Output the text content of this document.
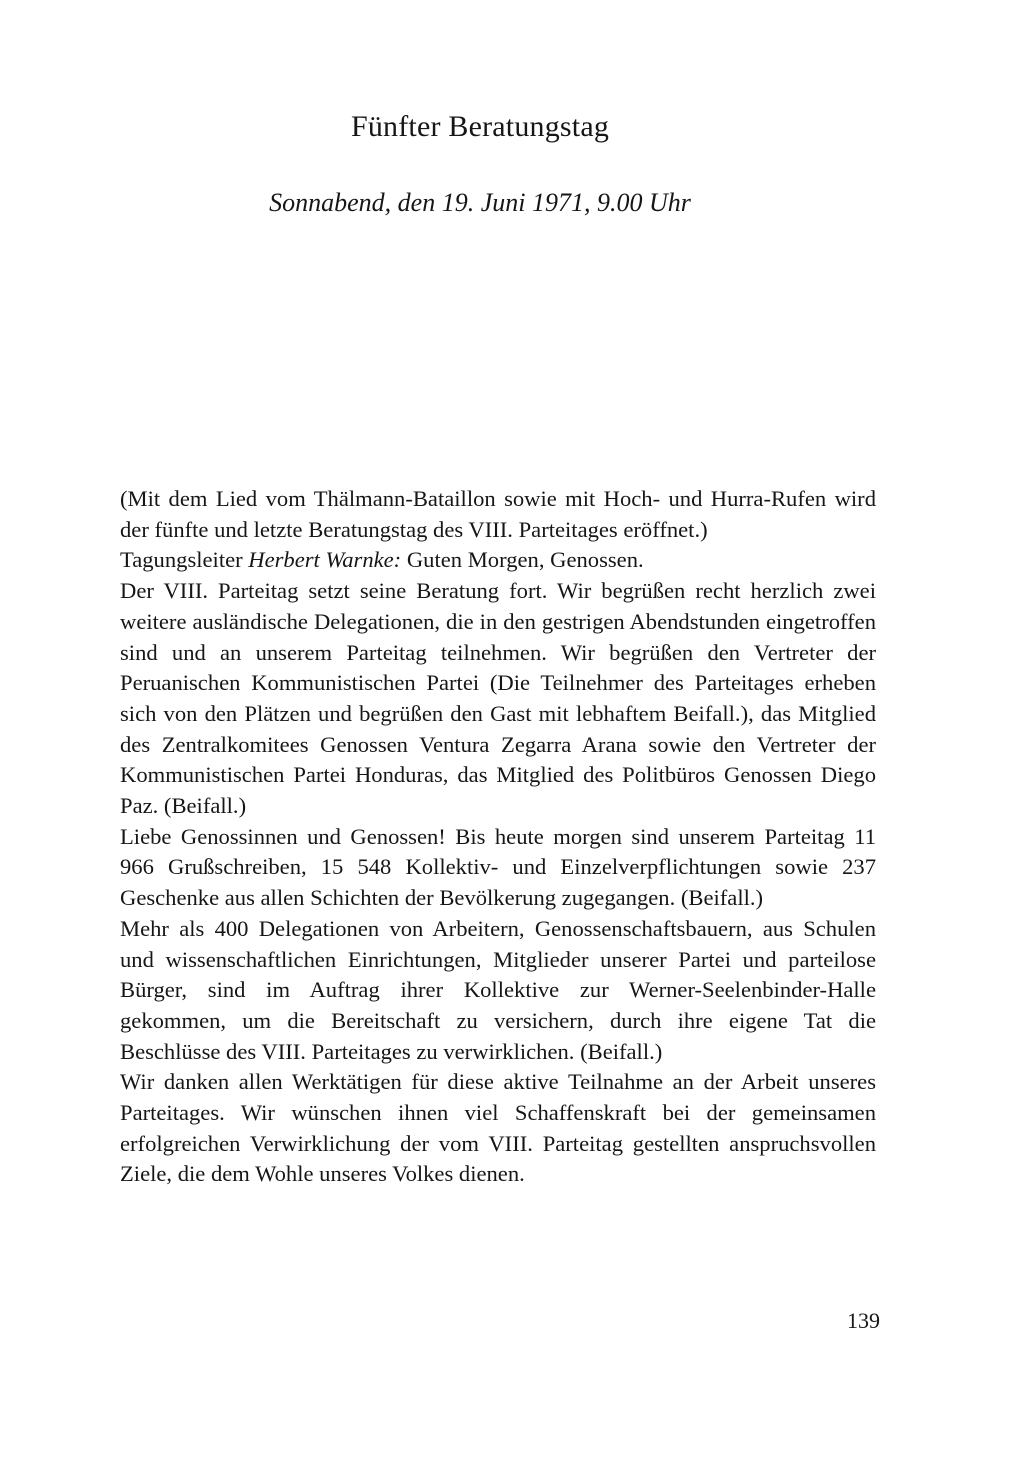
Fünfter Beratungstag

Sonnabend, den 19. Juni 1971, 9.00 Uhr

(Mit dem Lied vom Thälmann-Bataillon sowie mit Hoch- und Hurra-Rufen wird der fünfte und letzte Beratungstag des VIII. Parteitages eröffnet.)

Tagungsleiter Herbert Warnke: Guten Morgen, Genossen.

Der VIII. Parteitag setzt seine Beratung fort. Wir begrüßen recht herzlich zwei weitere ausländische Delegationen, die in den gestrigen Abendstunden eingetroffen sind und an unserem Parteitag teilnehmen. Wir begrüßen den Vertreter der Peruanischen Kommunistischen Partei (Die Teilnehmer des Parteitages erheben sich von den Plätzen und begrüßen den Gast mit lebhaftem Beifall.), das Mitglied des Zentralkomitees Genossen Ventura Zegarra Arana sowie den Vertreter der Kommunistischen Partei Honduras, das Mitglied des Politbüros Genossen Diego Paz. (Beifall.)

Liebe Genossinnen und Genossen! Bis heute morgen sind unserem Parteitag 11 966 Grußschreiben, 15 548 Kollektiv- und Einzelverpflichtungen sowie 237 Geschenke aus allen Schichten der Bevölkerung zugegangen. (Beifall.)

Mehr als 400 Delegationen von Arbeitern, Genossenschaftsbauern, aus Schulen und wissenschaftlichen Einrichtungen, Mitglieder unserer Partei und parteilose Bürger, sind im Auftrag ihrer Kollektive zur Werner-Seelenbinder-Halle gekommen, um die Bereitschaft zu versichern, durch ihre eigene Tat die Beschlüsse des VIII. Parteitages zu verwirklichen. (Beifall.)

Wir danken allen Werktätigen für diese aktive Teilnahme an der Arbeit unseres Parteitages. Wir wünschen ihnen viel Schaffenskraft bei der gemeinsamen erfolgreichen Verwirklichung der vom VIII. Parteitag gestellten anspruchsvollen Ziele, die dem Wohle unseres Volkes dienen.

139
